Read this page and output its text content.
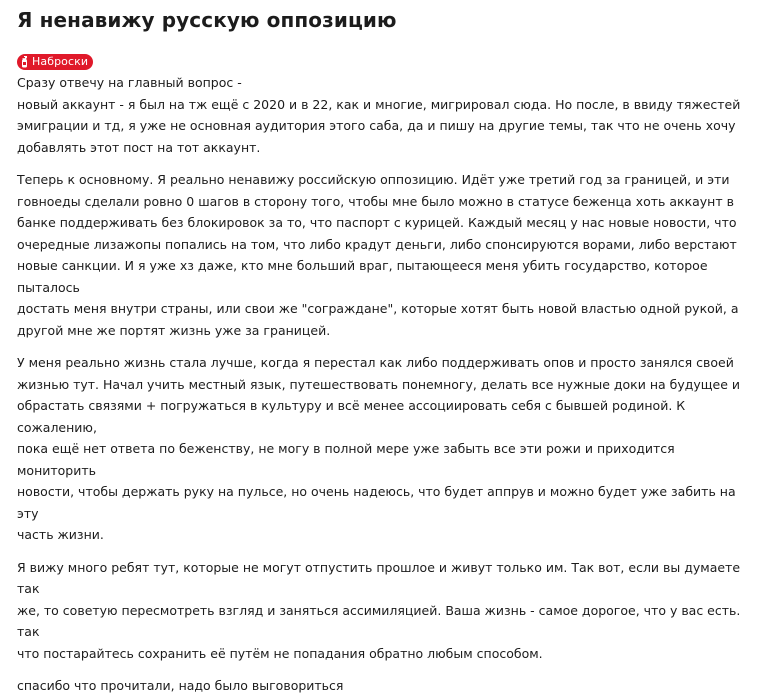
Я ненавижу русскую оппозицию
Наброски

Сразу отвечу на главный вопрос -
новый аккаунт - я был на тж ещё с 2020 и в 22, как и многие, мигрировал сюда. Но после, в ввиду тяжестей
эмиграции и тд, я уже не основная аудитория этого саба, да и пишу на другие темы, так что не очень хочу
добавлять этот пост на тот аккаунт.

Теперь к основному. Я реально ненавижу российскую оппозицию. Идёт уже третий год за границей, и эти
говноеды сделали ровно 0 шагов в сторону того, чтобы мне было можно в статусе беженца хоть аккаунт в
банке поддерживать без блокировок за то, что паспорт с курицей. Каждый месяц у нас новые новости, что
очередные лизажопы попались на том, что либо крадут деньги, либо спонсируются ворами, либо верстают
новые санкции. И я уже хз даже, кто мне больший враг, пытающееся меня убить государство, которое пыталось
достать меня внутри страны, или свои же "сограждане", которые хотят быть новой властью одной рукой, а
другой мне же портят жизнь уже за границей.

У меня реально жизнь стала лучше, когда я перестал как либо поддерживать опов и просто занялся своей
жизнью тут. Начал учить местный язык, путешествовать понемногу, делать все нужные доки на будущее и
обрастать связями + погружаться в культуру и всё менее ассоциировать себя с бывшей родиной. К сожалению,
пока ещё нет ответа по беженству, не могу в полной мере уже забыть все эти рожи и приходится мониторить
новости, чтобы держать руку на пульсе, но очень надеюсь, что будет аппрув и можно будет уже забить на эту
часть жизни.

Я вижу много ребят тут, которые не могут отпустить прошлое и живут только им. Так вот, если вы думаете так
же, то советую пересмотреть взгляд и заняться ассимиляцией. Ваша жизнь - самое дорогое, что у вас есть. так
что постарайтесь сохранить её путём не попадания обратно любым способом.

спасибо что прочитали, надо было выговориться
